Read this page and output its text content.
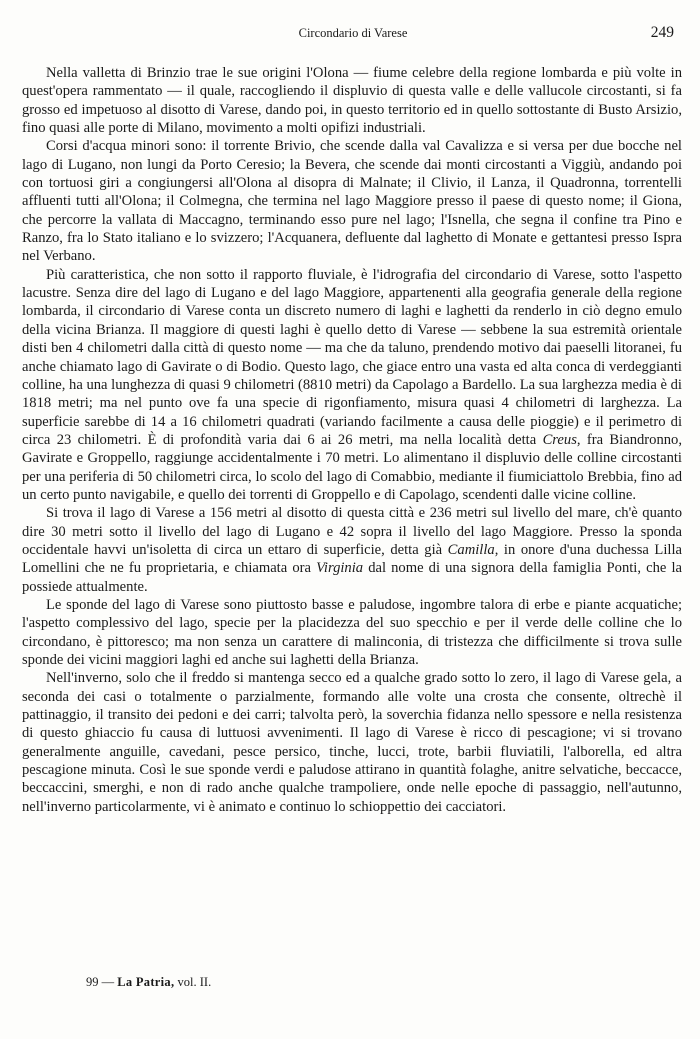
Circondario di Varese	249

Nella valletta di Brinzio trae le sue origini l'Olona — fiume celebre della regione lombarda e più volte in quest'opera rammentato — il quale, raccogliendo il displuvio di questa valle e delle vallucole circostanti, si fa grosso ed impetuoso al disotto di Varese, dando poi, in questo territorio ed in quello sottostante di Busto Arsizio, fino quasi alle porte di Milano, movimento a molti opifizi industriali.

Corsi d'acqua minori sono: il torrente Brivio, che scende dalla val Cavalizza e si versa per due bocche nel lago di Lugano, non lungi da Porto Ceresio; la Bevera, che scende dai monti circostanti a Viggiù, andando poi con tortuosi giri a congiungersi all'Olona al disopra di Malnate; il Clivio, il Lanza, il Quadronna, torrentelli affluenti tutti all'Olona; il Colmegna, che termina nel lago Maggiore presso il paese di questo nome; il Giona, che percorre la vallata di Maccagno, terminando esso pure nel lago; l'Isnella, che segna il confine tra Pino e Ranzo, fra lo Stato italiano e lo svizzero; l'Acquanera, defluente dal laghetto di Monate e gettantesi presso Ispra nel Verbano.

Più caratteristica, che non sotto il rapporto fluviale, è l'idrografia del circondario di Varese, sotto l'aspetto lacustre. Senza dire del lago di Lugano e del lago Maggiore, appartenenti alla geografia generale della regione lombarda, il circondario di Varese conta un discreto numero di laghi e laghetti da renderlo in ciò degno emulo della vicina Brianza. Il maggiore di questi laghi è quello detto di Varese — sebbene la sua estremità orientale disti ben 4 chilometri dalla città di questo nome — ma che da taluno, prendendo motivo dai paeselli litoranei, fu anche chiamato lago di Gavirate o di Bodio. Questo lago, che giace entro una vasta ed alta conca di verdeggianti colline, ha una lunghezza di quasi 9 chilometri (8810 metri) da Capolago a Bardello. La sua larghezza media è di 1818 metri; ma nel punto ove fa una specie di rigonfiamento, misura quasi 4 chilometri di larghezza. La superficie sarebbe di 14 a 16 chilometri quadrati (variando facilmente a causa delle pioggie) e il perimetro di circa 23 chilometri. È di profondità varia dai 6 ai 26 metri, ma nella località detta Creus, fra Biandronno, Gavirate e Groppello, raggiunge accidentalmente i 70 metri. Lo alimentano il displuvio delle colline circostanti per una periferia di 50 chilometri circa, lo scolo del lago di Comabbio, mediante il fiumiciattolo Brebbia, fino ad un certo punto navigabile, e quello dei torrenti di Groppello e di Capolago, scendenti dalle vicine colline.

Si trova il lago di Varese a 156 metri al disotto di questa città e 236 metri sul livello del mare, ch'è quanto dire 30 metri sotto il livello del lago di Lugano e 42 sopra il livello del lago Maggiore. Presso la sponda occidentale havvi un'isoletta di circa un ettaro di superficie, detta già Camilla, in onore d'una duchessa Lilla Lomellini che ne fu proprietaria, e chiamata ora Virginia dal nome di una signora della famiglia Ponti, che la possiede attualmente.

Le sponde del lago di Varese sono piuttosto basse e paludose, ingombre talora di erbe e piante acquatiche; l'aspetto complessivo del lago, specie per la placidezza del suo specchio e per il verde delle colline che lo circondano, è pittoresco; ma non senza un carattere di malinconia, di tristezza che difficilmente si trova sulle sponde dei vicini maggiori laghi ed anche sui laghetti della Brianza.

Nell'inverno, solo che il freddo si mantenga secco ed a qualche grado sotto lo zero, il lago di Varese gela, a seconda dei casi o totalmente o parzialmente, formando alle volte una crosta che consente, oltrechè il pattinaggio, il transito dei pedoni e dei carri; talvolta però, la soverchia fidanza nello spessore e nella resistenza di questo ghiaccio fu causa di luttuosi avvenimenti. Il lago di Varese è ricco di pescagione; vi si trovano generalmente anguille, cavedani, pesce persico, tinche, lucci, trote, barbii fluviatili, l'alborella, ed altra pescagione minuta. Così le sue sponde verdi e paludose attirano in quantità folaghe, anitre selvatiche, beccacce, beccaccini, smerghi, e non di rado anche qualche trampoliere, onde nelle epoche di passaggio, nell'autunno, nell'inverno particolarmente, vi è animato e continuo lo schioppettio dei cacciatori.

99 — La Patria, vol. II.
